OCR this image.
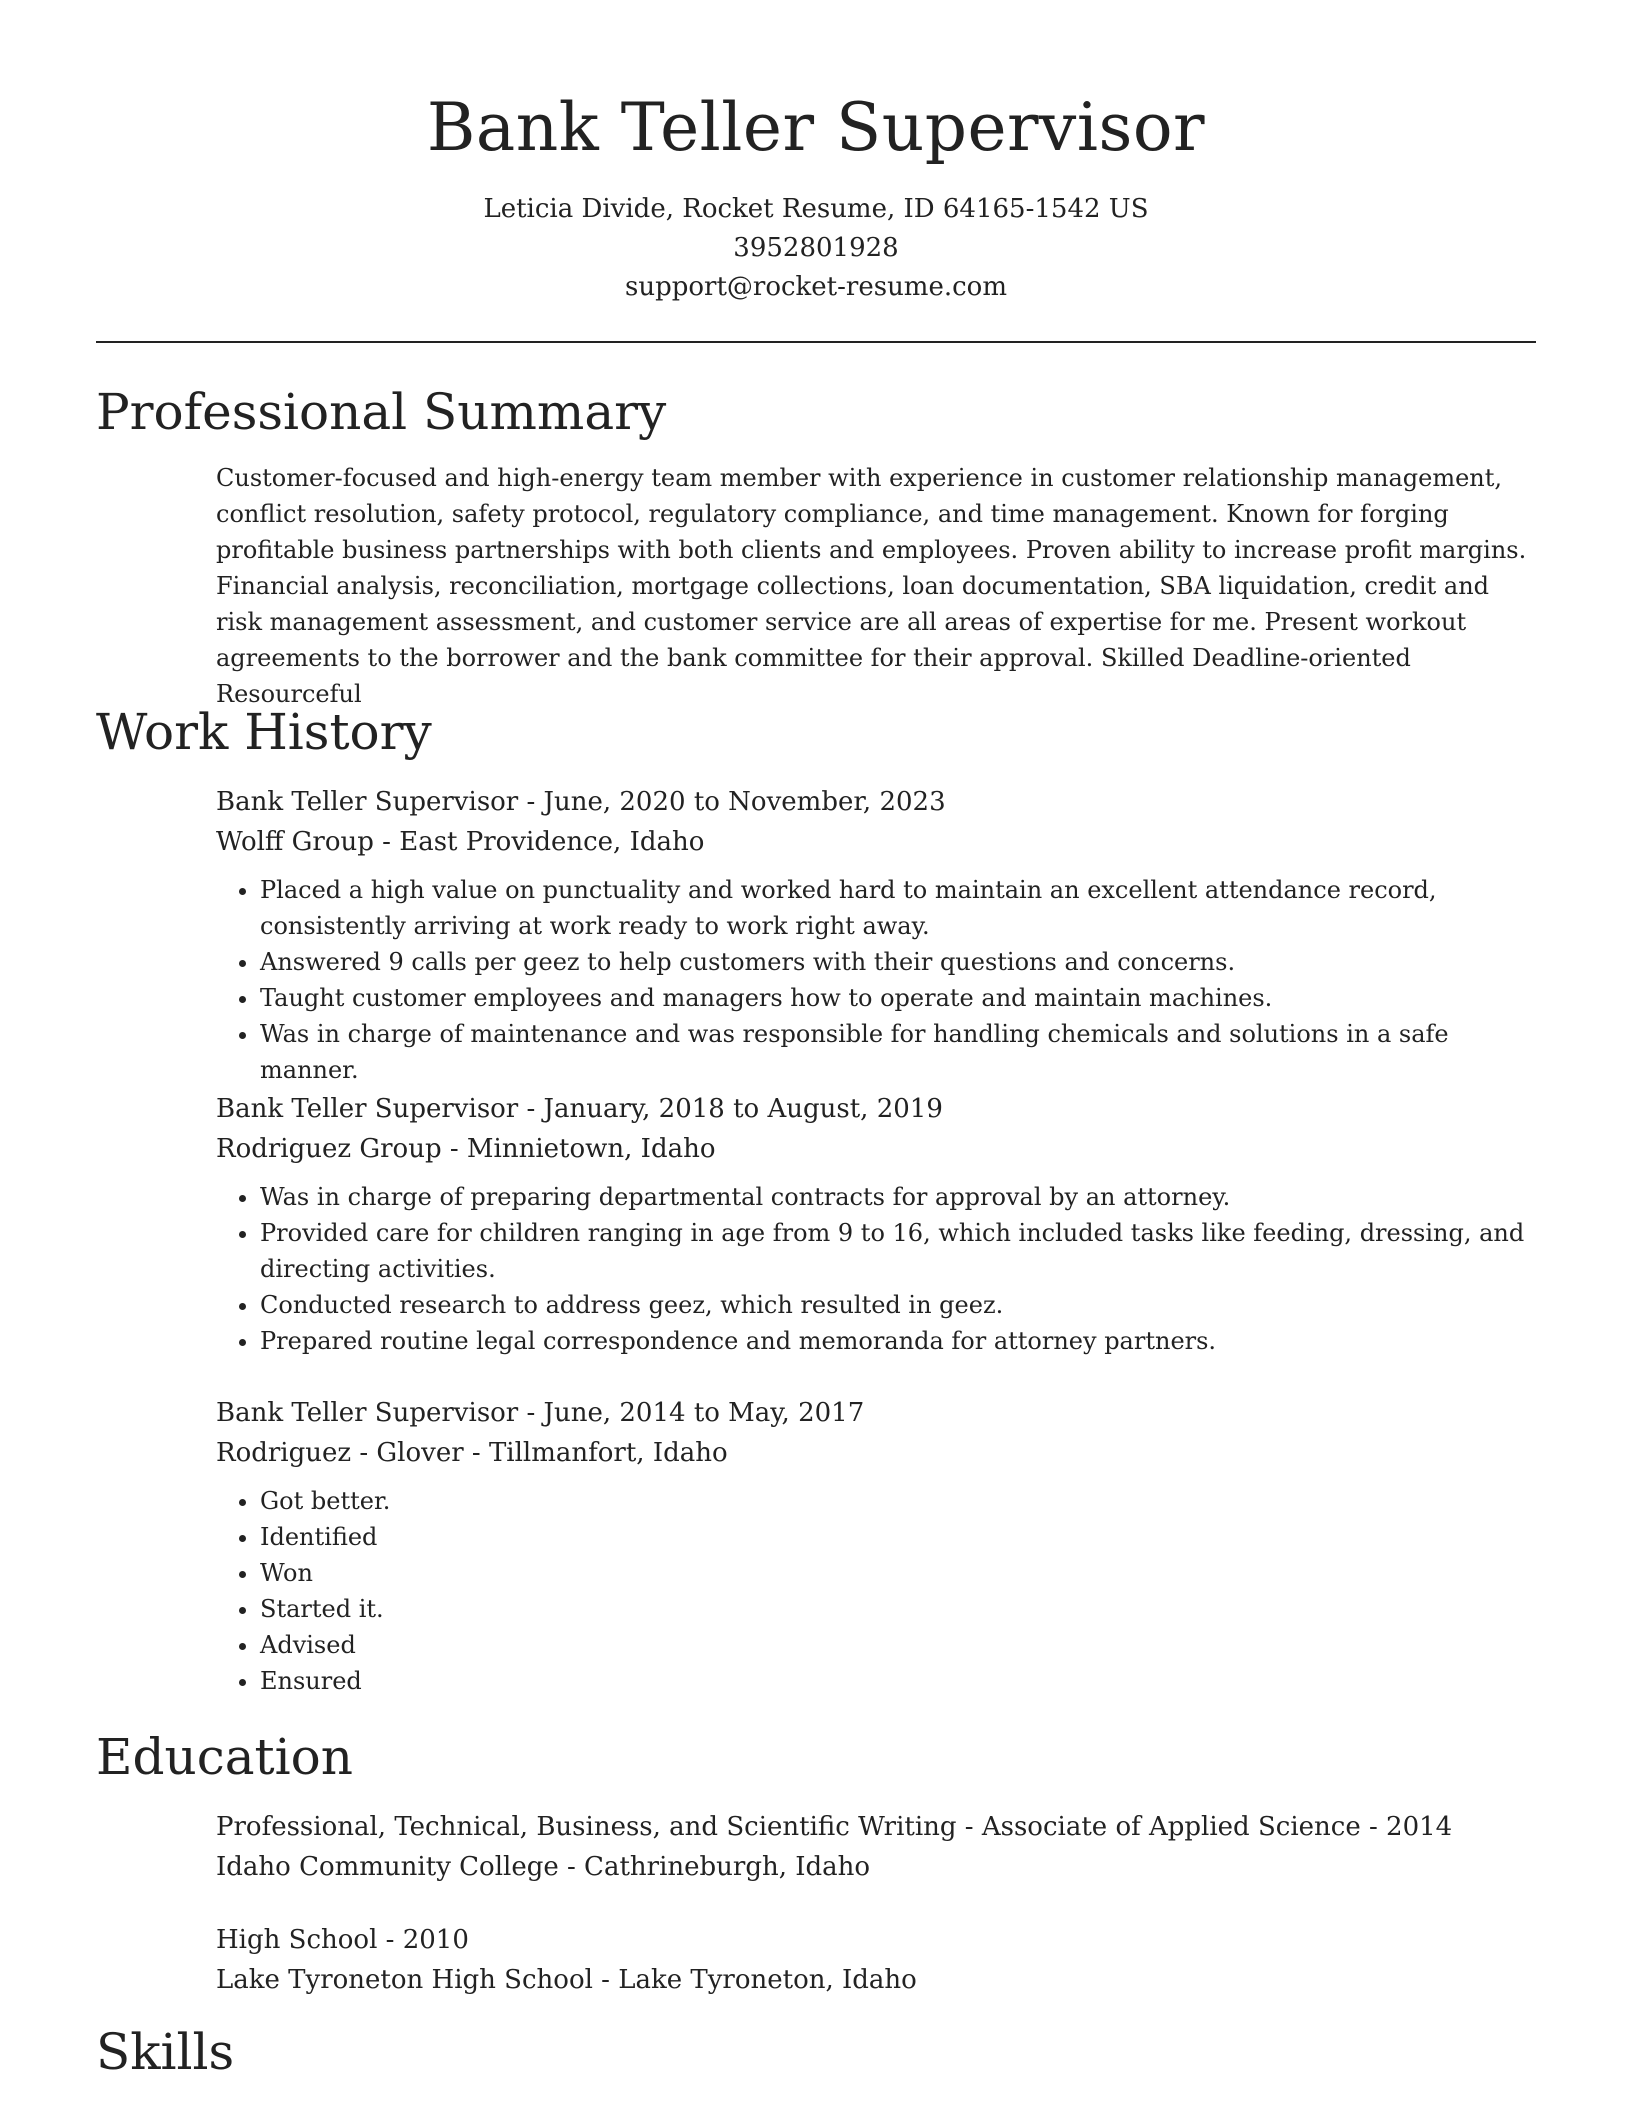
Bank Teller Supervisor
Leticia Divide, Rocket Resume, ID 64165-1542 US
3952801928
support@rocket-resume.com
Professional Summary
Customer-focused and high-energy team member with experience in customer relationship management, conflict resolution, safety protocol, regulatory compliance, and time management. Known for forging profitable business partnerships with both clients and employees. Proven ability to increase profit margins. Financial analysis, reconciliation, mortgage collections, loan documentation, SBA liquidation, credit and risk management assessment, and customer service are all areas of expertise for me. Present workout agreements to the borrower and the bank committee for their approval. Skilled Deadline-oriented Resourceful
Work History
Bank Teller Supervisor - June, 2020 to November, 2023
Wolff Group - East Providence, Idaho
• Placed a high value on punctuality and worked hard to maintain an excellent attendance record, consistently arriving at work ready to work right away.
• Answered 9 calls per geez to help customers with their questions and concerns.
• Taught customer employees and managers how to operate and maintain machines.
• Was in charge of maintenance and was responsible for handling chemicals and solutions in a safe manner.
Bank Teller Supervisor - January, 2018 to August, 2019
Rodriguez Group - Minnietown, Idaho
• Was in charge of preparing departmental contracts for approval by an attorney.
• Provided care for children ranging in age from 9 to 16, which included tasks like feeding, dressing, and directing activities.
• Conducted research to address geez, which resulted in geez.
• Prepared routine legal correspondence and memoranda for attorney partners.
Bank Teller Supervisor - June, 2014 to May, 2017
Rodriguez - Glover - Tillmanfort, Idaho
• Got better.
• Identified
• Won
• Started it.
• Advised
• Ensured
Education
Professional, Technical, Business, and Scientific Writing - Associate of Applied Science - 2014
Idaho Community College - Cathrineburgh, Idaho
High School - 2010
Lake Tyroneton High School - Lake Tyroneton, Idaho
Skills
